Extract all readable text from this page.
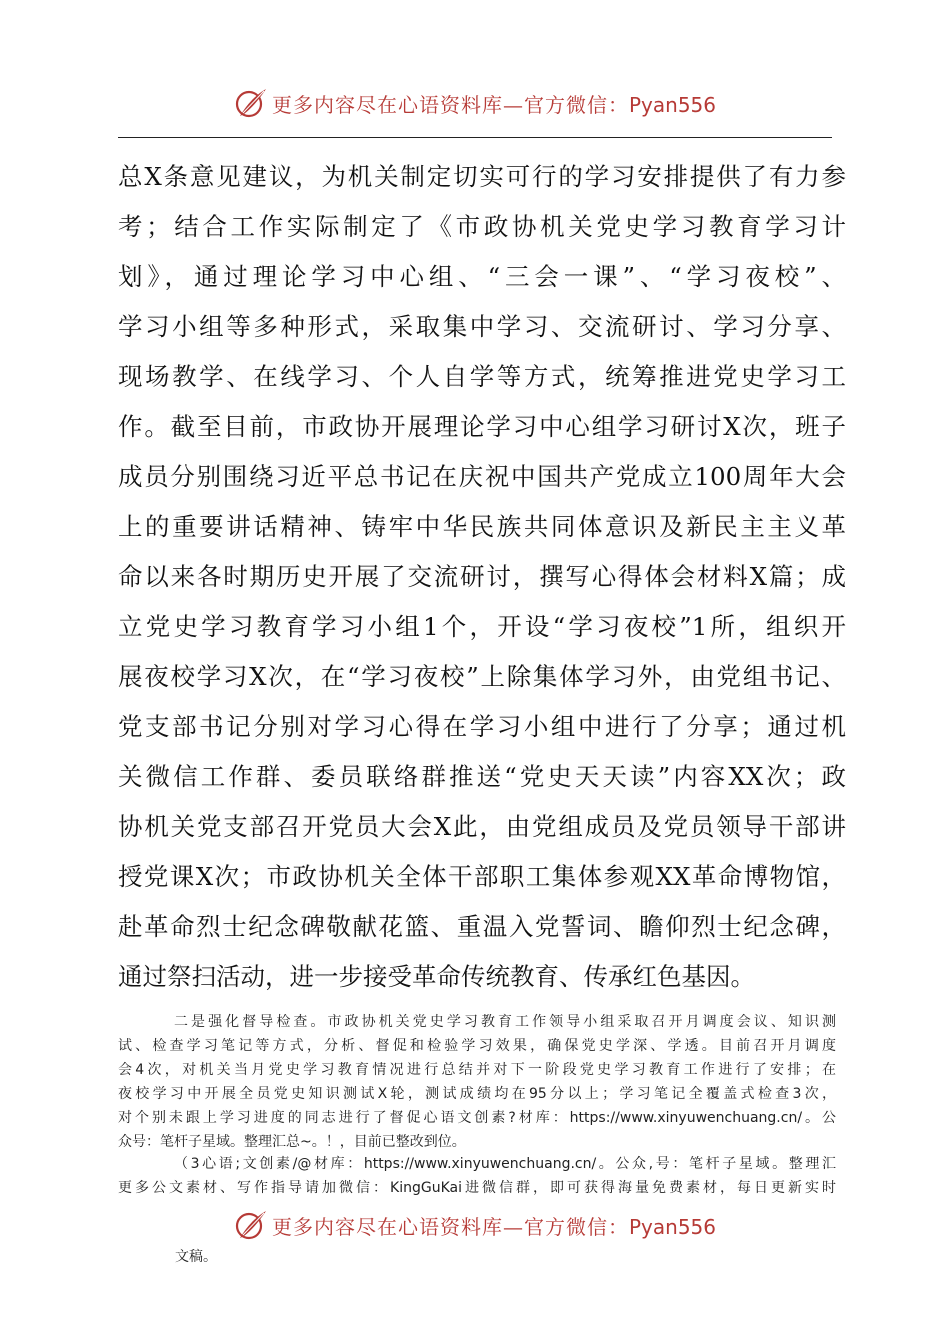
更多内容尽在心语资料库—官方微信：Pyan556
总X条意见建议，为机关制定切实可行的学习安排提供了有力参
考；结合工作实际制定了《市政协机关党史学习教育学习计
划》，通过理论学习中心组、“三会一课”、“学习夜校”、
学习小组等多种形式，采取集中学习、交流研讨、学习分享、
现场教学、在线学习、个人自学等方式，统筹推进党史学习工
作。截至目前，市政协开展理论学习中心组学习研讨X次，班子
成员分别围绕习近平总书记在庆祝中国共产党成立100周年大会
上的重要讲话精神、铸牢中华民族共同体意识及新民主主义革
命以来各时期历史开展了交流研讨，撰写心得体会材料X篇；成
立党史学习教育学习小组1个，开设“学习夜校”1所，组织开
展夜校学习X次，在“学习夜校”上除集体学习外，由党组书记、
党支部书记分别对学习心得在学习小组中进行了分享；通过机
关微信工作群、委员联络群推送“党史天天读”内容XX次；政
协机关党支部召开党员大会X此，由党组成员及党员领导干部讲
授党课X次；市政协机关全体干部职工集体参观XX革命博物馆，
赴革命烈士纪念碑敬献花篮、重温入党誓词、瞻仰烈士纪念碑，
通过祭扫活动，进一步接受革命传统教育、传承红色基因。
二是强化督导检查。市政协机关党史学习教育工作领导小组采取召开月调度会议、知识测
试、检查学习笔记等方式，分析、督促和检验学习效果，确保党史学深、学透。目前召开月调度
会4次，对机关当月党史学习教育情况进行总结并对下一阶段党史学习教育工作进行了安排；在
夜校学习中开展全员党史知识测试X轮，测试成绩均在95分以上；学习笔记全覆盖式检查3次，
对个别未跟上学习进度的同志进行了督促心语文创素?材库：https://www.xinyuwenchuang.cn/。公
众号：笔杆子星域。整理汇总~。！，目前已整改到位。
（3心语;文创素/@材库：https://www.xinyuwenchuang.cn/。公众,号：笔杆子星域。整理汇
更多公文素材、写作指导请加微信：KingGuKai进微信群，即可获得海量免费素材，每日更新实时
更多内容尽在心语资料库—官方微信：Pyan556
文稿。
